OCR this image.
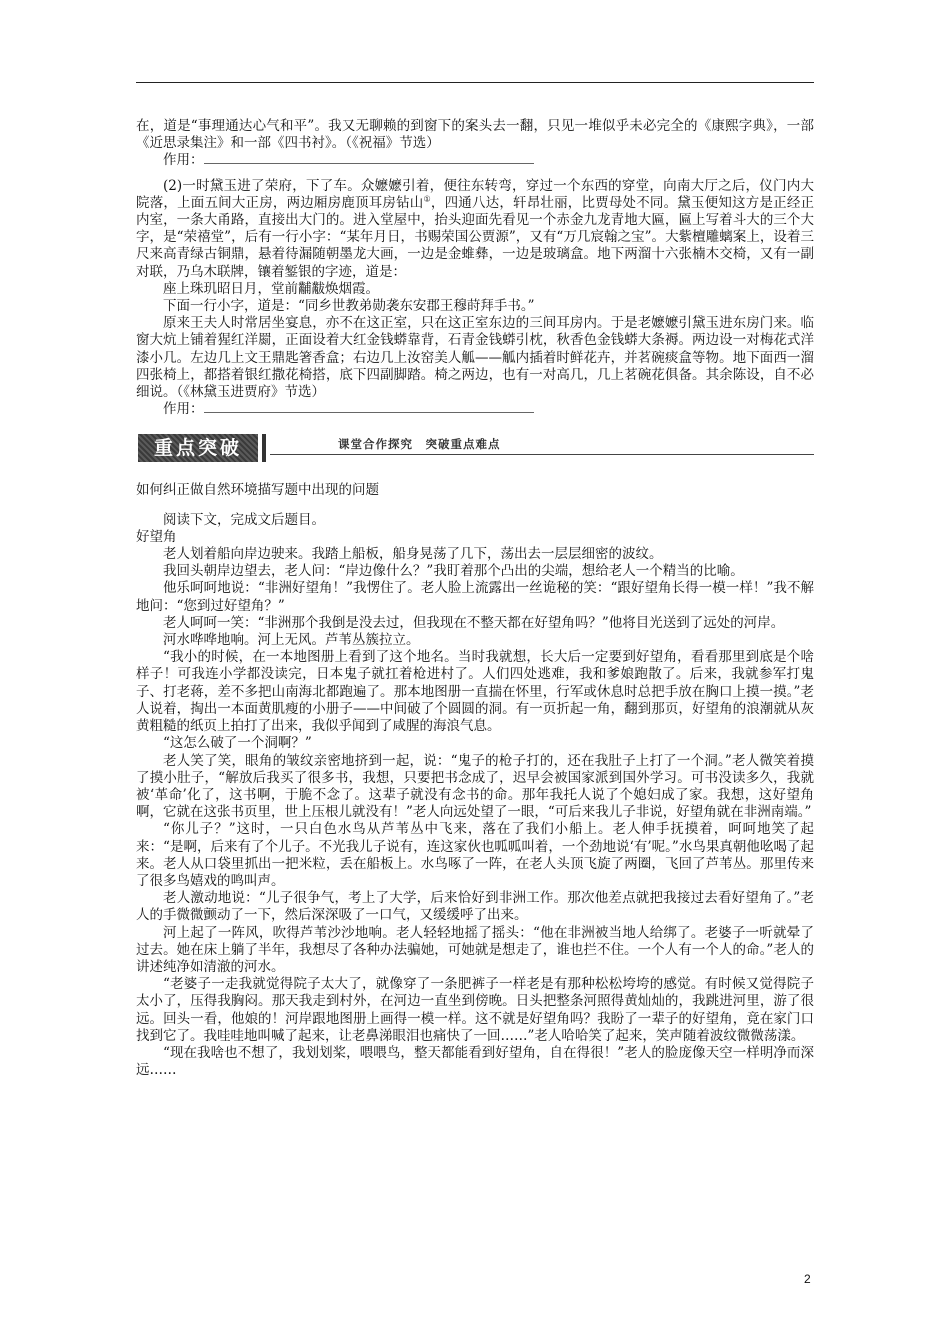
在，道是“事理通达心气和平”。我又无聊赖的到窗下的案头去一翻，只见一堆似乎未必完全的《康熙字典》，一部《近思录集注》和一部《四书衬》。（《祝福》节选）

作用：

(2)一时黛玉进了荣府，下了车。众嬷嬷引着，便往东转弯，穿过一个东西的穿堂，向南大厅之后，仪门内大院落，上面五间大正房，两边厢房鹿顶耳房钻山①，四通八达，轩昂壮丽，比贾母处不同。黛玉便知这方是正经正内室，一条大甬路，直接出大门的。进入堂屋中，抬头迎面先看见一个赤金九龙青地大匾，匾上写着斗大的三个大字，是“荣禧堂”，后有一行小字：“某年月日，书赐荣国公贾源”，又有“万几宸翰之宝”。大紫檀雕螭案上，设着三尺来高青绿古铜鼎，悬着待漏随朝墨龙大画，一边是金蜼彝，一边是玻璃盒。地下两溜十六张楠木交椅，又有一副对联，乃乌木联牌，镶着錾银的字迹，道是：

座上珠玑昭日月，堂前黼黻焕烟霞。

下面一行小字，道是：“同乡世教弟勋袭东安郡王穆莳拜手书。”

原来王夫人时常居坐宴息，亦不在这正室，只在这正室东边的三间耳房内。于是老嬷嬷引黛玉进东房门来。临窗大炕上铺着猩红洋罽，正面设着大红金钱蟒靠背，石青金钱蟒引枕，秋香色金钱蟒大条褥。两边设一对梅花式洋漆小几。左边几上文王鼎匙箸香盒；右边几上汝窑美人觚——觚内插着时鲜花卉，并茗碗痰盒等物。地下面西一溜四张椅上，都搭着银红撒花椅搭，底下四副脚踏。椅之两边，也有一对高几，几上茗碗花俱备。其余陈设，自不必细说。（《林黛玉进贾府》节选）

作用：

重点突破	课堂合作探究　突破重点难点

如何纠正做自然环境描写题中出现的问题

阅读下文，完成文后题目。

好望角

老人划着船向岸边驶来。我踏上船板，船身晃荡了几下，荡出去一层层细密的波纹。

我回头朝岸边望去，老人问：“岸边像什么？”我盯着那个凸出的尖端，想给老人一个精当的比喻。

他乐呵呵地说：“非洲好望角！”我愣住了。老人脸上流露出一丝诡秘的笑：“跟好望角长得一模一样！”我不解地问：“您到过好望角？”

老人呵呵一笑：“非洲那个我倒是没去过，但我现在不整天都在好望角吗？”他将目光送到了远处的河岸。

河水哗哗地响。河上无风。芦苇丛簇拉立。

“我小的时候，在一本地图册上看到了这个地名。当时我就想，长大后一定要到好望角，看看那里到底是个啥样子！可我连小学都没读完，日本鬼子就扛着枪进村了。人们四处逃难，我和爹娘跑散了。后来，我就参军打鬼子、打老蒋，差不多把山南海北都跑遍了。那本地图册一直揣在怀里，行军或休息时总把手放在胸口上摸一摸。”老人说着，掏出一本面黄肌瘦的小册子——中间破了个圆圆的洞。有一页折起一角，翻到那页，好望角的浪潮就从灰黄粗糙的纸页上拍打了出来，我似乎闻到了咸腥的海浪气息。

“这怎么破了一个洞啊？”

老人笑了笑，眼角的皱纹亲密地挤到一起，说：“鬼子的枪子打的，还在我肚子上打了一个洞。”老人微笑着摸了摸小肚子，“解放后我买了很多书，我想，只要把书念成了，迟早会被国家派到国外学习。可书没读多久，我就被‘革命’化了，这书啊，于脆不念了。这辈子就没有念书的命。那年我托人说了个媳妇成了家。我想，这好望角啊，它就在这张书页里，世上压根儿就没有！”老人向远处望了一眼，“可后来我儿子非说，好望角就在非洲南端。”

“你儿子？”这时，一只白色水鸟从芦苇丛中飞来，落在了我们小船上。老人伸手抚摸着，呵呵地笑了起来：“是啊，后来有了个儿子。不光我儿子说有，连这家伙也呱呱叫着，一个劲地说‘有’呢。”水鸟果真朝他吆喝了起来。老人从口袋里抓出一把米粒，丢在船板上。水鸟啄了一阵，在老人头顶飞旋了两圈，飞回了芦苇丛。那里传来了很多鸟嬉戏的鸣叫声。

老人激动地说：“儿子很争气，考上了大学，后来恰好到非洲工作。那次他差点就把我接过去看好望角了。”老人的手微微颤动了一下，然后深深吸了一口气，又缓缓呼了出来。

河上起了一阵风，吹得芦苇沙沙地响。老人轻轻地摇了摇头：“他在非洲被当地人给绑了。老婆子一听就晕了过去。她在床上躺了半年，我想尽了各种办法骗她，可她就是想走了，谁也拦不住。一个人有一个人的命。”老人的讲述纯净如清澈的河水。

“老婆子一走我就觉得院子太大了，就像穿了一条肥裤子一样老是有那种松松垮垮的感觉。有时候又觉得院子太小了，压得我胸闷。那天我走到村外，在河边一直坐到傍晚。日头把整条河照得黄灿灿的，我跳进河里，游了很远。回头一看，他娘的！河岸跟地图册上画得一模一样。这不就是好望角吗？我盼了一辈子的好望角，竟在家门口找到它了。我哇哇地叫喊了起来，让老鼻涕眼泪也痛快了一回……”老人哈哈笑了起来，笑声随着波纹微微荡漾。

“现在我啥也不想了，我划划桨，喂喂鸟，整天都能看到好望角，自在得很！”老人的脸庞像天空一样明净而深远……

2
